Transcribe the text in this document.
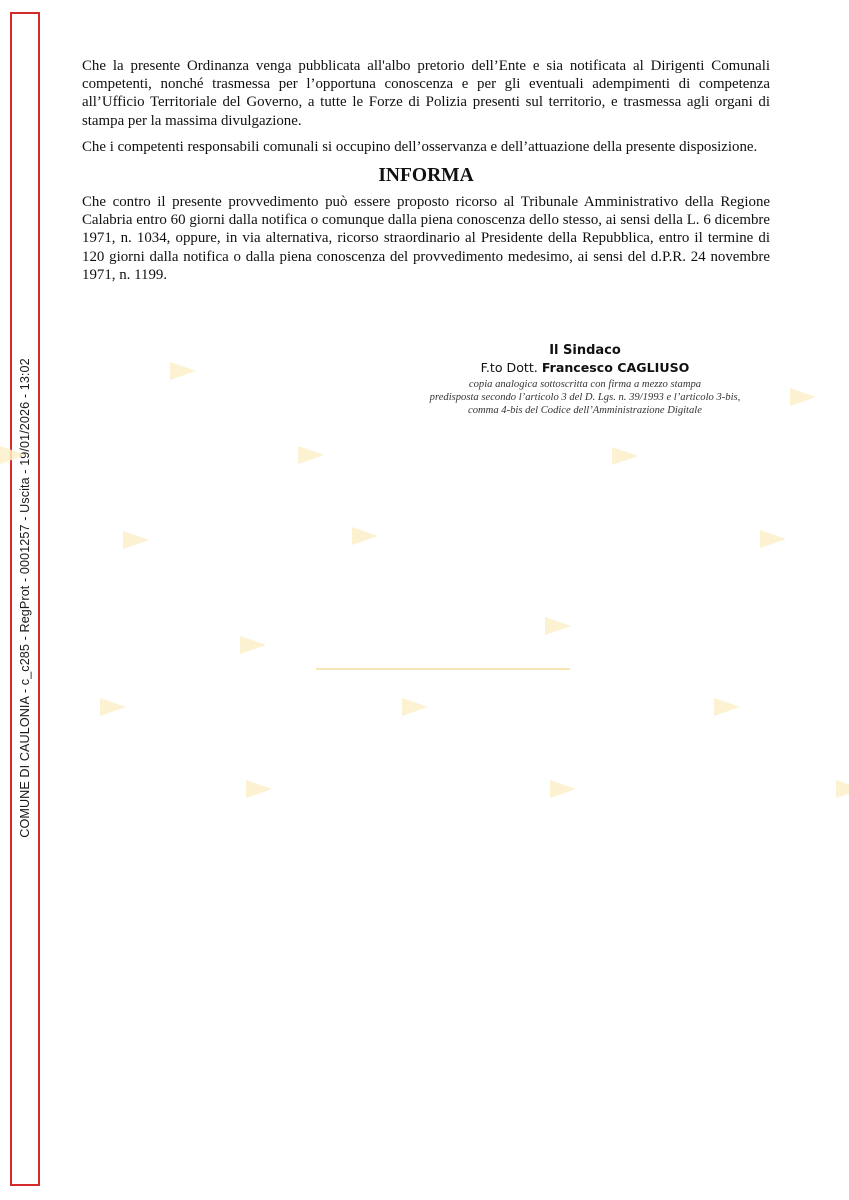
COMUNE DI CAULONIA - c_c285 - RegProt - 0001257 - Uscita - 19/01/2026 - 13:02

Che la presente Ordinanza venga pubblicata all'albo pretorio dell’Ente e sia notificata al Dirigenti Comunali competenti, nonché trasmessa per l’opportuna conoscenza e per gli eventuali adempimenti di competenza all’Ufficio Territoriale del Governo, a tutte le Forze di Polizia presenti sul territorio, e trasmessa agli organi di stampa per la massima divulgazione.

Che i competenti responsabili comunali si occupino dell’osservanza e dell’attuazione della presente disposizione.

INFORMA

Che contro il presente provvedimento può essere proposto ricorso al Tribunale Amministrativo della Regione Calabria entro 60 giorni dalla notifica o comunque dalla piena conoscenza dello stesso, ai sensi della L. 6 dicembre 1971, n. 1034, oppure, in via alternativa, ricorso straordinario al Presidente della Repubblica, entro il termine di 120 giorni dalla notifica o dalla piena conoscenza del provvedimento medesimo, ai sensi del d.P.R. 24 novembre 1971, n. 1199.

Il Sindaco
F.to Dott. Francesco CAGLIUSO
copia analogica sottoscritta con firma a mezzo stampa
predisposta secondo l’articolo 3 del D. Lgs. n. 39/1993 e l’articolo 3-bis,
comma 4-bis del Codice dell’Amministrazione Digitale
